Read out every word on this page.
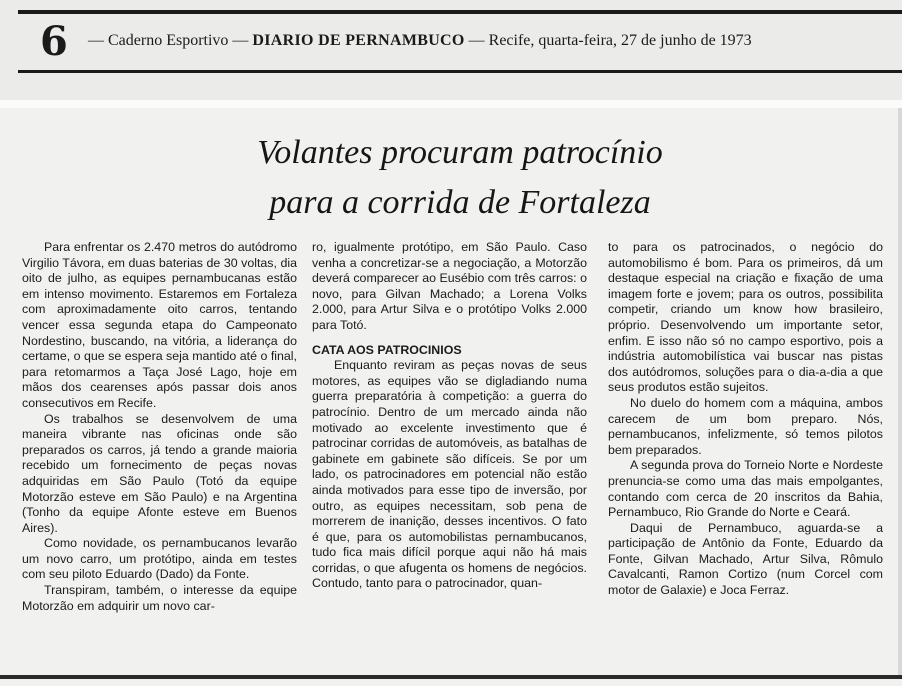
6 — Caderno Esportivo — DIARIO DE PERNAMBUCO — Recife, quarta-feira, 27 de junho de 1973
Volantes procuram patrocínio
para a corrida de Fortaleza

Para enfrentar os 2.470 metros do autódromo Virgilio Távora, em duas baterias de 30 voltas, dia oito de julho, as equipes pernambucanas estão em intenso movimento. Estaremos em Fortaleza com aproximadamente oito carros, tentando vencer essa segunda etapa do Campeonato Nordestino, buscando, na vitória, a liderança do certame, o que se espera seja mantido até o final, para retomarmos a Taça José Lago, hoje em mãos dos cearenses após passar dois anos consecutivos em Recife.

Os trabalhos se desenvolvem de uma maneira vibrante nas oficinas onde são preparados os carros, já tendo a grande maioria recebido um fornecimento de peças novas adquiridas em São Paulo (Totó da equipe Motorzão esteve em São Paulo) e na Argentina (Tonho da equipe Afonte esteve em Buenos Aires).

Como novidade, os pernambucanos levarão um novo carro, um protótipo, ainda em testes com seu piloto Eduardo (Dado) da Fonte.

Transpiram, também, o interesse da equipe Motorzão em adquirir um novo car-

ro, igualmente protótipo, em São Paulo. Caso venha a concretizar-se a negociação, a Motorzão deverá comparecer ao Eusébio com três carros: o novo, para Gilvan Machado; a Lorena Volks 2.000, para Artur Silva e o protótipo Volks 2.000 para Totó.

CATA AOS PATROCINIOS

Enquanto reviram as peças novas de seus motores, as equipes vão se digladiando numa guerra preparatória à competição: a guerra do patrocínio. Dentro de um mercado ainda não motivado ao excelente investimento que é patrocinar corridas de automóveis, as batalhas de gabinete em gabinete são difíceis. Se por um lado, os patrocinadores em potencial não estão ainda motivados para esse tipo de inversão, por outro, as equipes necessitam, sob pena de morrerem de inanição, desses incentivos. O fato é que, para os automobilistas pernambucanos, tudo fica mais difícil porque aqui não há mais corridas, o que afugenta os homens de negócios. Contudo, tanto para o patrocinador, quan-

to para os patrocinados, o negócio do automobilismo é bom. Para os primeiros, dá um destaque especial na criação e fixação de uma imagem forte e jovem; para os outros, possibilita competir, criando um know how brasileiro, próprio. Desenvolvendo um importante setor, enfim. E isso não só no campo esportivo, pois a indústria automobilística vai buscar nas pistas dos autódromos, soluções para o dia-a-dia a que seus produtos estão sujeitos.

No duelo do homem com a máquina, ambos carecem de um bom preparo. Nós, pernambucanos, infelizmente, só temos pilotos bem preparados.

A segunda prova do Torneio Norte e Nordeste prenuncia-se como uma das mais empolgantes, contando com cerca de 20 inscritos da Bahia, Pernambuco, Rio Grande do Norte e Ceará.

Daqui de Pernambuco, aguarda-se a participação de Antônio da Fonte, Eduardo da Fonte, Gilvan Machado, Artur Silva, Rômulo Cavalcanti, Ramon Cortizo (num Corcel com motor de Galaxie) e Joca Ferraz.
